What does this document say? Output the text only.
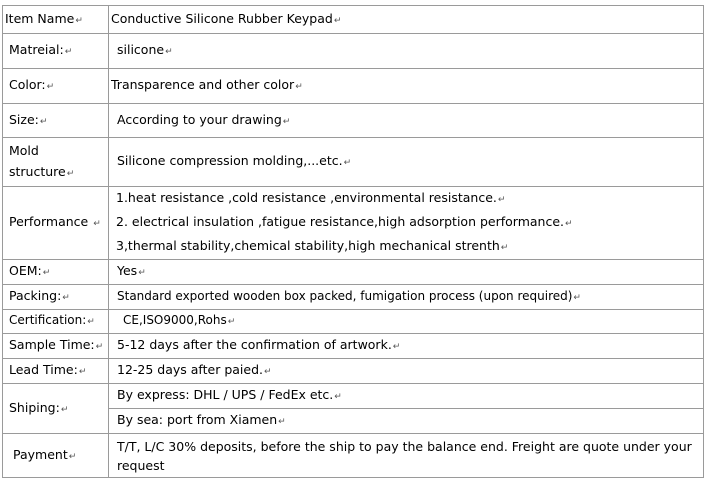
Item Name↵	Conductive Silicone Rubber Keypad↵
Matreial:↵	silicone↵
Color:↵	Transparence and other color↵
Size:↵	According to your drawing↵

Mold
structure↵	Silicone compression molding,...etc.↵
Performance ↵	1.heat resistance ,cold resistance ,environmental resistance.↵
2. electrical insulation ,fatigue resistance,high adsorption performance.↵
3,thermal stability,chemical stability,high mechanical strenth↵

OEM:↵	Yes↵
Packing:↵	Standard exported wooden box packed, fumigation process (upon required)↵
Certification:↵	CE,ISO9000,Rohs↵
Sample Time:↵	5-12 days after the confirmation of artwork.↵
Lead Time:↵	12-25 days after paied.↵
Shiping:↵	By express: DHL / UPS / FedEx etc.↵
	By sea: port from Xiamen↵
Payment↵	T/T, L/C 30% deposits, before the ship to pay the balance end. Freight are quote under your request
